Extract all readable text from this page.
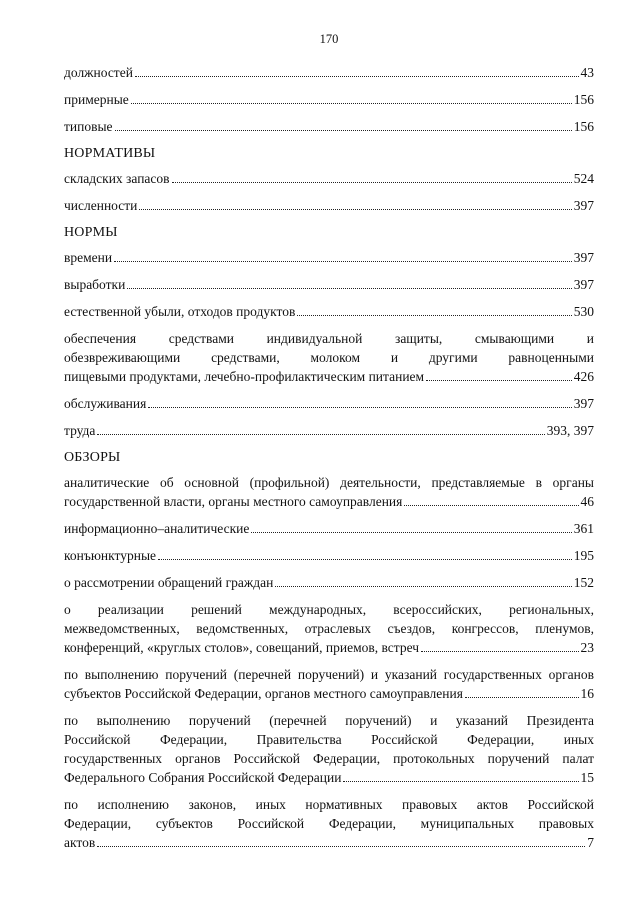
170
должностей	43
примерные	156
типовые	156
НОРМАТИВЫ
складских запасов	524
численности	397
НОРМЫ
времени	397
выработки	397
естественной убыли, отходов продуктов	530
обеспечения средствами индивидуальной защиты, смывающими и
обезвреживающими средствами, молоком и другими равноценными
пищевыми продуктами, лечебно-профилактическим питанием	426
обслуживания	397
труда	393, 397
ОБЗОРЫ
аналитические об основной (профильной) деятельности, представляемые в органы
государственной власти, органы местного самоуправления	46
информационно–аналитические	361
конъюнктурные	195
о рассмотрении обращений граждан	152
о реализации решений международных, всероссийских, региональных,
межведомственных, ведомственных, отраслевых съездов, конгрессов, пленумов,
конференций, «круглых столов», совещаний, приемов, встреч	23
по выполнению поручений (перечней поручений) и указаний государственных органов
субъектов Российской Федерации, органов местного самоуправления	16
по выполнению поручений (перечней поручений) и указаний Президента
Российской Федерации, Правительства Российской Федерации, иных
государственных органов Российской Федерации, протокольных поручений палат
Федерального Собрания Российской Федерации	15
по исполнению законов, иных нормативных правовых актов Российской
Федерации, субъектов Российской Федерации, муниципальных правовых
актов	7
